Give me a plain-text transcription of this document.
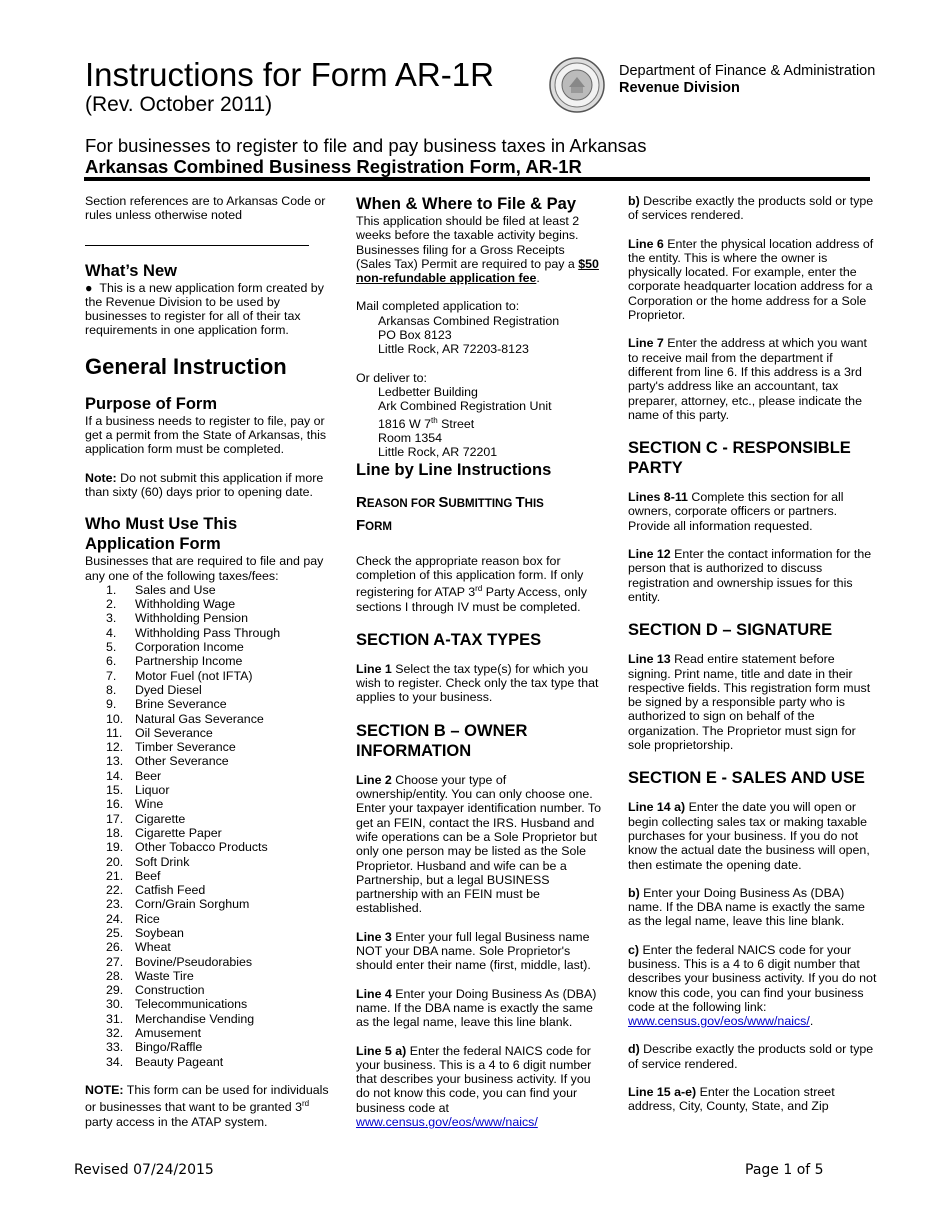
Instructions for Form AR-1R
(Rev. October 2011)
Department of Finance & Administration
Revenue Division
For businesses to register to file and pay business taxes in Arkansas
Arkansas Combined Business Registration Form, AR-1R

Section references are to Arkansas Code or rules unless otherwise noted

What’s New

●  This is a new application form created by the Revenue Division to be used by businesses to register for all of their tax requirements in one application form.

General Instruction

Purpose of Form

If a business needs to register to file, pay or get a permit from the State of Arkansas, this application form must be completed.

Note: Do not submit this application if more than sixty (60) days prior to opening date.

Who Must Use This Application Form

Businesses that are required to file and pay any one of the following taxes/fees:

1.	Sales and Use
2.	Withholding Wage
3.	Withholding Pension
4.	Withholding Pass Through
5.	Corporation Income
6.	Partnership Income
7.	Motor Fuel (not IFTA)
8.	Dyed Diesel
9.	Brine Severance
10. Natural Gas Severance
11.	Oil Severance
12. Timber Severance
13. Other Severance
14. Beer
15. Liquor
16. Wine
17. Cigarette
18. Cigarette Paper
19. Other Tobacco Products
20. Soft Drink
21. Beef
22. Catfish Feed
23. Corn/Grain Sorghum
24. Rice
25. Soybean
26. Wheat
27. Bovine/Pseudorabies
28. Waste Tire
29. Construction
30. Telecommunications
31. Merchandise Vending
32. Amusement
33. Bingo/Raffle
34. Beauty Pageant

NOTE: This form can be used for individuals or businesses that want to be granted 3rd party access in the ATAP system.

When & Where to File & Pay

This application should be filed at least 2 weeks before the taxable activity begins. Businesses filing for a Gross Receipts (Sales Tax) Permit are required to pay a $50 non-refundable application fee.

Mail completed application to:

Arkansas Combined Registration

PO Box 8123

Little Rock, AR 72203-8123

Or deliver to:

Ledbetter Building

Ark Combined Registration Unit

1816 W 7th Street

Room 1354

Little Rock, AR 72201

Line by Line Instructions

REASON FOR SUBMITTING THIS
FORM

Check the appropriate reason box for completion of this application form. If only registering for ATAP 3rd Party Access, only sections I through IV must be completed.

SECTION A-TAX TYPES

Line 1 Select the tax type(s) for which you wish to register. Check only the tax type that applies to your business.

SECTION B – OWNER INFORMATION

Line 2 Choose your type of ownership/entity. You can only choose one. Enter your taxpayer identification number. To get an FEIN, contact the IRS. Husband and wife operations can be a Sole Proprietor but only one person may be listed as the Sole Proprietor. Husband and wife can be a Partnership, but a legal BUSINESS partnership with an FEIN must be established.

Line 3 Enter your full legal Business name NOT your DBA name. Sole Proprietor's should enter their name (first, middle, last).

Line 4 Enter your Doing Business As (DBA) name. If the DBA name is exactly the same as the legal name, leave this line blank.

Line 5 a) Enter the federal NAICS code for your business. This is a 4 to 6 digit number that describes your business activity. If you do not know this code, you can find your business code at
www.census.gov/eos/www/naics/

b) Describe exactly the products sold or type of services rendered.

Line 6 Enter the physical location address of the entity. This is where the owner is physically located. For example, enter the corporate headquarter location address for a Corporation or the home address for a Sole Proprietor.

Line 7 Enter the address at which you want to receive mail from the department if different from line 6. If this address is a 3rd party's address like an accountant, tax preparer, attorney, etc., please indicate the name of this party.

SECTION C - RESPONSIBLE PARTY

Lines 8-11 Complete this section for all owners, corporate officers or partners. Provide all information requested.

Line 12 Enter the contact information for the person that is authorized to discuss registration and ownership issues for this entity.

SECTION D – SIGNATURE

Line 13 Read entire statement before signing. Print name, title and date in their respective fields. This registration form must be signed by a responsible party who is authorized to sign on behalf of the organization. The Proprietor must sign for sole proprietorship.

SECTION E - SALES AND USE

Line 14 a) Enter the date you will open or begin collecting sales tax or making taxable purchases for your business. If you do not know the actual date the business will open, then estimate the opening date.

b) Enter your Doing Business As (DBA) name. If the DBA name is exactly the same as the legal name, leave this line blank.

c) Enter the federal NAICS code for your business. This is a 4 to 6 digit number that describes your business activity. If you do not know this code, you can find your business code at the following link: www.census.gov/eos/www/naics/.

d) Describe exactly the products sold or type of service rendered.

Line 15 a-e) Enter the Location street address, City, County, State, and Zip

Revised 07/24/2015	Page 1 of 5
